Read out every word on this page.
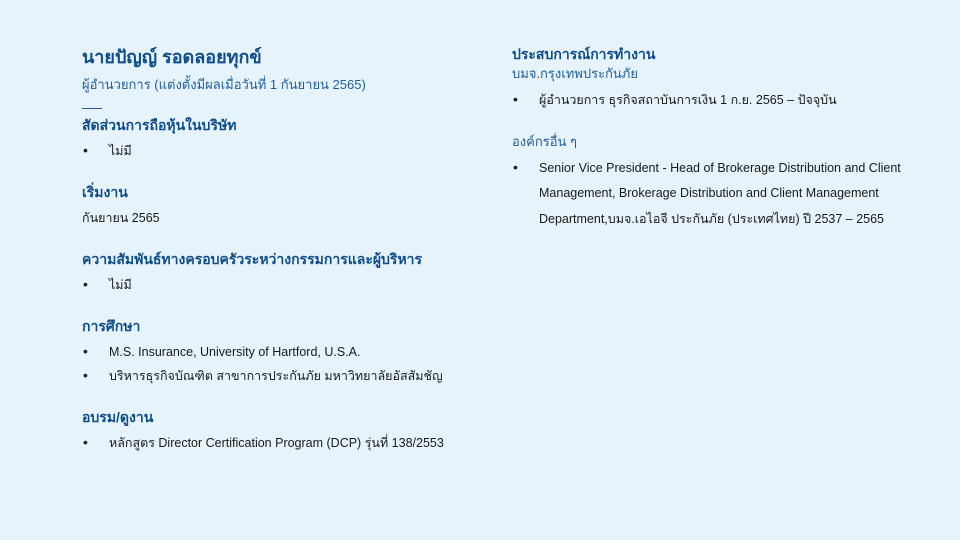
นายปัญญ์ รอดลอยทุกข์

ผู้อำนวยการ (แต่งตั้งมีผลเมื่อวันที่ 1 กันยายน 2565)

สัดส่วนการถือหุ้นในบริษัท

• ไม่มี

เริ่มงาน

กันยายน 2565

ความสัมพันธ์ทางครอบครัวระหว่างกรรมการและผู้บริหาร

• ไม่มี

การศึกษา

• M.S. Insurance, University of Hartford, U.S.A.
• บริหารธุรกิจบัณฑิต สาขาการประกันภัย มหาวิทยาลัยอัสสัมชัญ

อบรม/ดูงาน

• หลักสูตร Director Certification Program (DCP) รุ่นที่ 138/2553

ประสบการณ์การทำงาน

บมจ.กรุงเทพประกันภัย

• ผู้อำนวยการ ธุรกิจสถาบันการเงิน 1 ก.ย. 2565 – ปัจจุบัน

องค์กรอื่น ๆ

• Senior Vice President - Head of Brokerage Distribution and Client Management, Brokerage Distribution and Client Management Department,บมจ.เอไอจี ประกันภัย (ประเทศไทย) ปี 2537 – 2565
